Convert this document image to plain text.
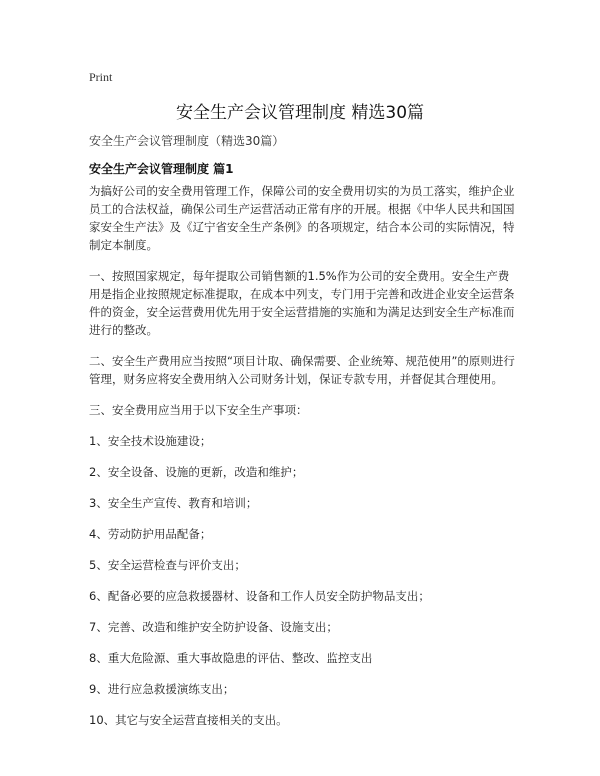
Print
安全生产会议管理制度 精选30篇
安全生产会议管理制度（精选30篇）
安全生产会议管理制度 篇1

为搞好公司的安全费用管理工作，保障公司的安全费用切实的为员工落实，维护企业员工的合法权益，确保公司生产运营活动正常有序的开展。根据《中华人民共和国国家安全生产法》及《辽宁省安全生产条例》的各项规定，结合本公司的实际情况，特制定本制度。

一、按照国家规定，每年提取公司销售额的1.5%作为公司的安全费用。安全生产费用是指企业按照规定标准提取，在成本中列支，专门用于完善和改进企业安全运营条件的资金，安全运营费用优先用于安全运营措施的实施和为满足达到安全生产标准而进行的整改。

二、安全生产费用应当按照“项目计取、确保需要、企业统筹、规范使用”的原则进行管理，财务应将安全费用纳入公司财务计划，保证专款专用，并督促其合理使用。

三、安全费用应当用于以下安全生产事项：

1、安全技术设施建设；
2、安全设备、设施的更新，改造和维护；
3、安全生产宣传、教育和培训；
4、劳动防护用品配备；
5、安全运营检查与评价支出；
6、配备必要的应急救援器材、设备和工作人员安全防护物品支出；
7、完善、改造和维护安全防护设备、设施支出；
8、重大危险源、重大事故隐患的评估、整改、监控支出
9、进行应急救援演练支出；
10、其它与安全运营直接相关的支出。
